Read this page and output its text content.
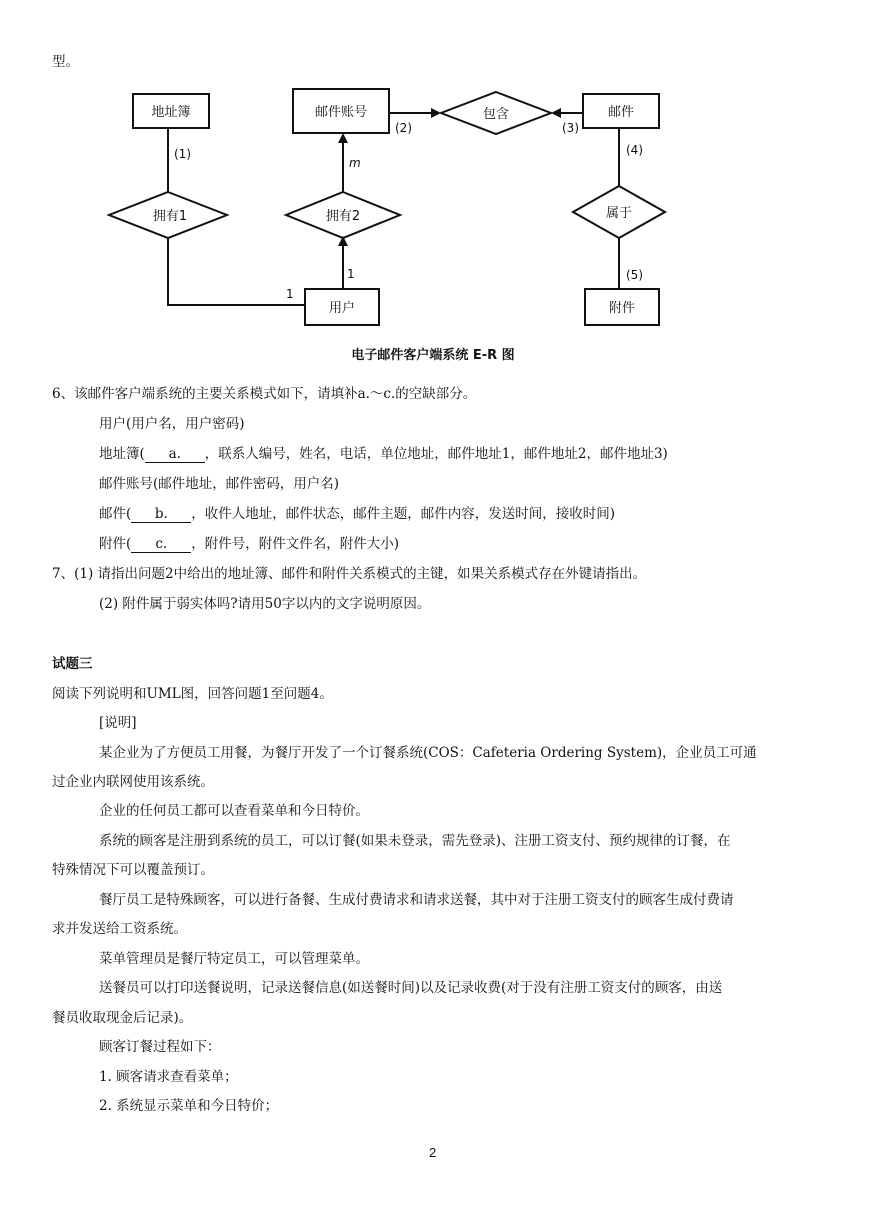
型。
地址簿	邮件账号	邮件
用户	附件
拥有1	拥有2
包含
属于
(1)
(2)	(3)
(4)
(5)
m
1
1
电子邮件客户端系统 E-R 图
6、该邮件客户端系统的主要关系模式如下，请填补a.～c.的空缺部分。
用户(用户名，用户密码)
地址簿( a. ，联系人编号，姓名，电话，单位地址，邮件地址1，邮件地址2，邮件地址3)
邮件账号(邮件地址，邮件密码，用户名)
邮件( b. ，收件人地址，邮件状态，邮件主题，邮件内容，发送时间，接收时间)
附件( c. ，附件号，附件文件名，附件大小)
7、(1) 请指出问题2中给出的地址簿、邮件和附件关系模式的主键，如果关系模式存在外键请指出。
(2) 附件属于弱实体吗?请用50字以内的文字说明原因。
试题三
阅读下列说明和UML图，回答问题1至问题4。
[说明]
某企业为了方便员工用餐，为餐厅开发了一个订餐系统(COS：Cafeteria Ordering System)，企业员工可通
过企业内联网使用该系统。
企业的任何员工都可以查看菜单和今日特价。
系统的顾客是注册到系统的员工，可以订餐(如果未登录，需先登录)、注册工资支付、预约规律的订餐，在
特殊情况下可以覆盖预订。
餐厅员工是特殊顾客，可以进行备餐、生成付费请求和请求送餐，其中对于注册工资支付的顾客生成付费请
求并发送给工资系统。
菜单管理员是餐厅特定员工，可以管理菜单。
送餐员可以打印送餐说明，记录送餐信息(如送餐时间)以及记录收费(对于没有注册工资支付的顾客，由送
餐员收取现金后记录)。
顾客订餐过程如下：
1. 顾客请求查看菜单；
2. 系统显示菜单和今日特价；
2
